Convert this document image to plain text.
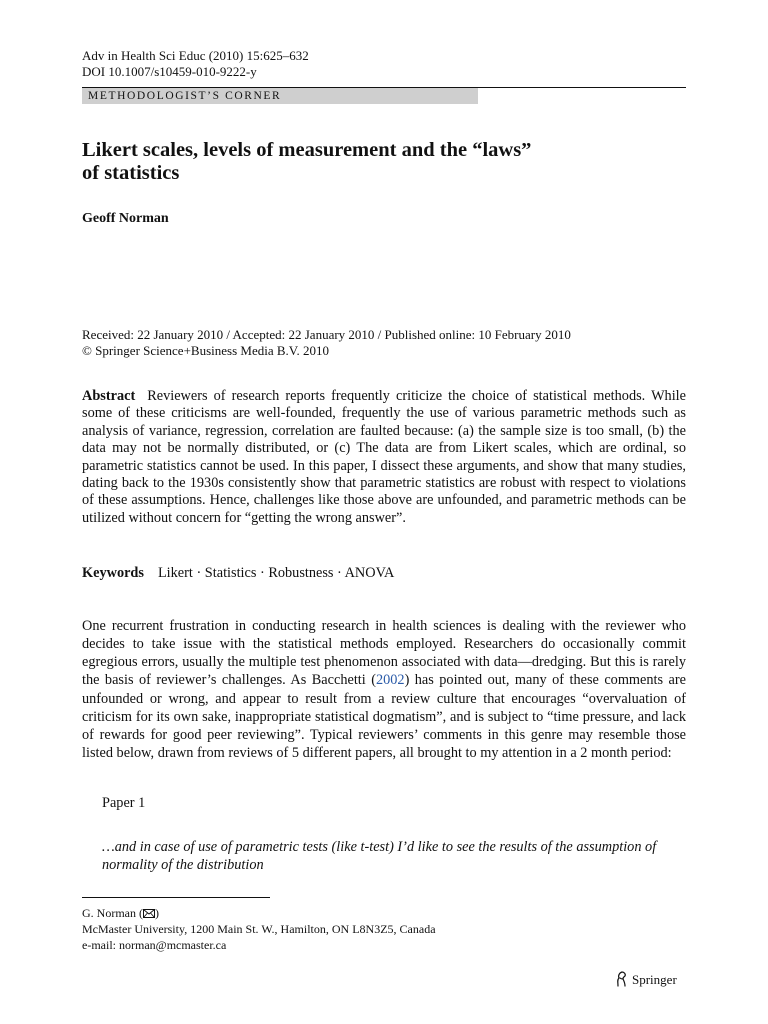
Adv in Health Sci Educ (2010) 15:625–632
DOI 10.1007/s10459-010-9222-y
METHODOLOGIST’S CORNER
Likert scales, levels of measurement and the “laws”
of statistics
Geoff Norman
Received: 22 January 2010 / Accepted: 22 January 2010 / Published online: 10 February 2010
© Springer Science+Business Media B.V. 2010
Abstract Reviewers of research reports frequently criticize the choice of statistical methods. While some of these criticisms are well-founded, frequently the use of various parametric methods such as analysis of variance, regression, correlation are faulted because: (a) the sample size is too small, (b) the data may not be normally distributed, or (c) The data are from Likert scales, which are ordinal, so parametric statistics cannot be used. In this paper, I dissect these arguments, and show that many studies, dating back to the 1930s consistently show that parametric statistics are robust with respect to violations of these assumptions. Hence, challenges like those above are unfounded, and parametric methods can be utilized without concern for “getting the wrong answer”.
Keywords Likert · Statistics · Robustness · ANOVA
One recurrent frustration in conducting research in health sciences is dealing with the reviewer who decides to take issue with the statistical methods employed. Researchers do occasionally commit egregious errors, usually the multiple test phenomenon associated with data—dredging. But this is rarely the basis of reviewer’s challenges. As Bacchetti (2002) has pointed out, many of these comments are unfounded or wrong, and appear to result from a review culture that encourages “overvaluation of criticism for its own sake, inappropriate statistical dogmatism”, and is subject to “time pressure, and lack of rewards for good peer reviewing”. Typical reviewers’ comments in this genre may resemble those listed below, drawn from reviews of 5 different papers, all brought to my attention in a 2 month period:
Paper 1
…and in case of use of parametric tests (like t-test) I’d like to see the results of the assumption of normality of the distribution
G. Norman ( )
McMaster University, 1200 Main St. W., Hamilton, ON L8N3Z5, Canada
e-mail: norman@mcmaster.ca
Springer
